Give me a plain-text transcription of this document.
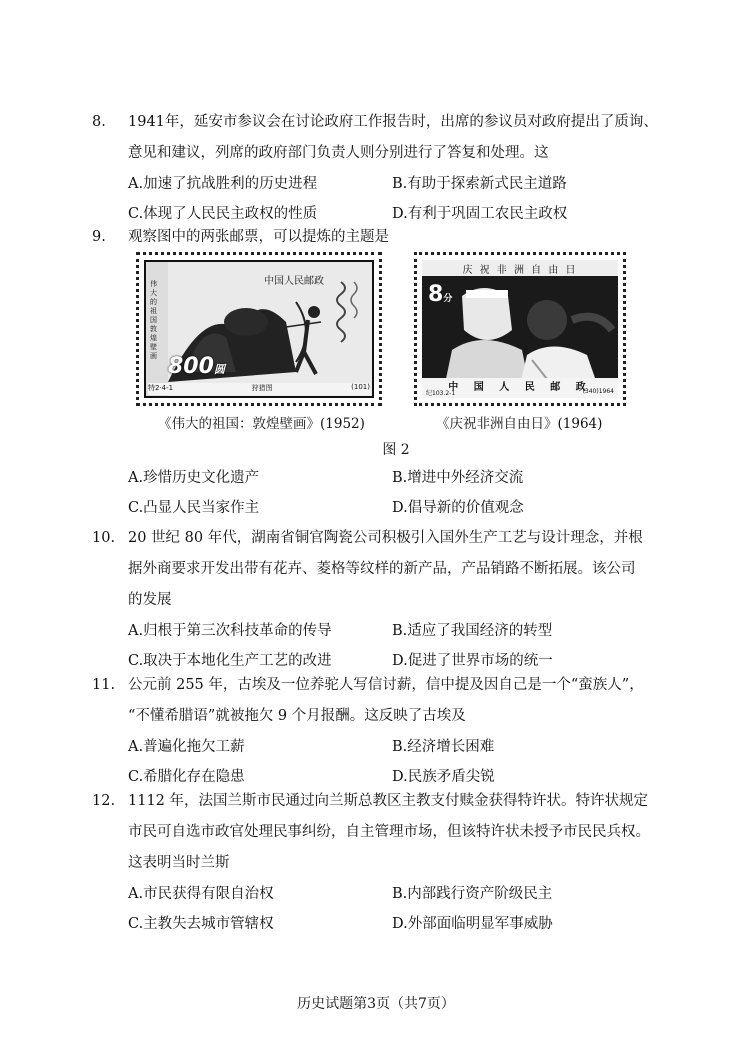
8. 1941年，延安市参议会在讨论政府工作报告时，出席的参议员对政府提出了质询、
意见和建议，列席的政府部门负责人则分别进行了答复和处理。这
A.加速了抗战胜利的历史进程	B.有助于探索新式民主道路
C.体现了人民民主政权的性质	D.有利于巩固工农民主政权
9. 观察图中的两张邮票，可以提炼的主题是
中国人民邮政
伟大的祖国敦煌壁画 800圆
特2·4-1	狩猎图	(101)
《伟大的祖国：敦煌壁画》(1952)
庆 祝 非 洲 自 由 日
8分
中 国 人 民 邮 政
纪103.2-1	(340)1964
《庆祝非洲自由日》(1964)
图 2
A.珍惜历史文化遗产	B.增进中外经济交流
C.凸显人民当家作主	D.倡导新的价值观念
10. 20 世纪 80 年代，湖南省铜官陶瓷公司积极引入国外生产工艺与设计理念，并根
据外商要求开发出带有花卉、菱格等纹样的新产品，产品销路不断拓展。该公司
的发展
A.归根于第三次科技革命的传导	B.适应了我国经济的转型
C.取决于本地化生产工艺的改进	D.促进了世界市场的统一
11. 公元前 255 年，古埃及一位养驼人写信讨薪，信中提及因自己是一个“蛮族人”，
“不懂希腊语”就被拖欠 9 个月报酬。这反映了古埃及
A.普遍化拖欠工薪	B.经济增长困难
C.希腊化存在隐患	D.民族矛盾尖锐
12. 1112 年，法国兰斯市民通过向兰斯总教区主教支付赎金获得特许状。特许状规定
市民可自选市政官处理民事纠纷，自主管理市场，但该特许状未授予市民民兵权。
这表明当时兰斯
A.市民获得有限自治权	B.内部践行资产阶级民主
C.主教失去城市管辖权	D.外部面临明显军事威胁
历史试题第3页（共7页）
